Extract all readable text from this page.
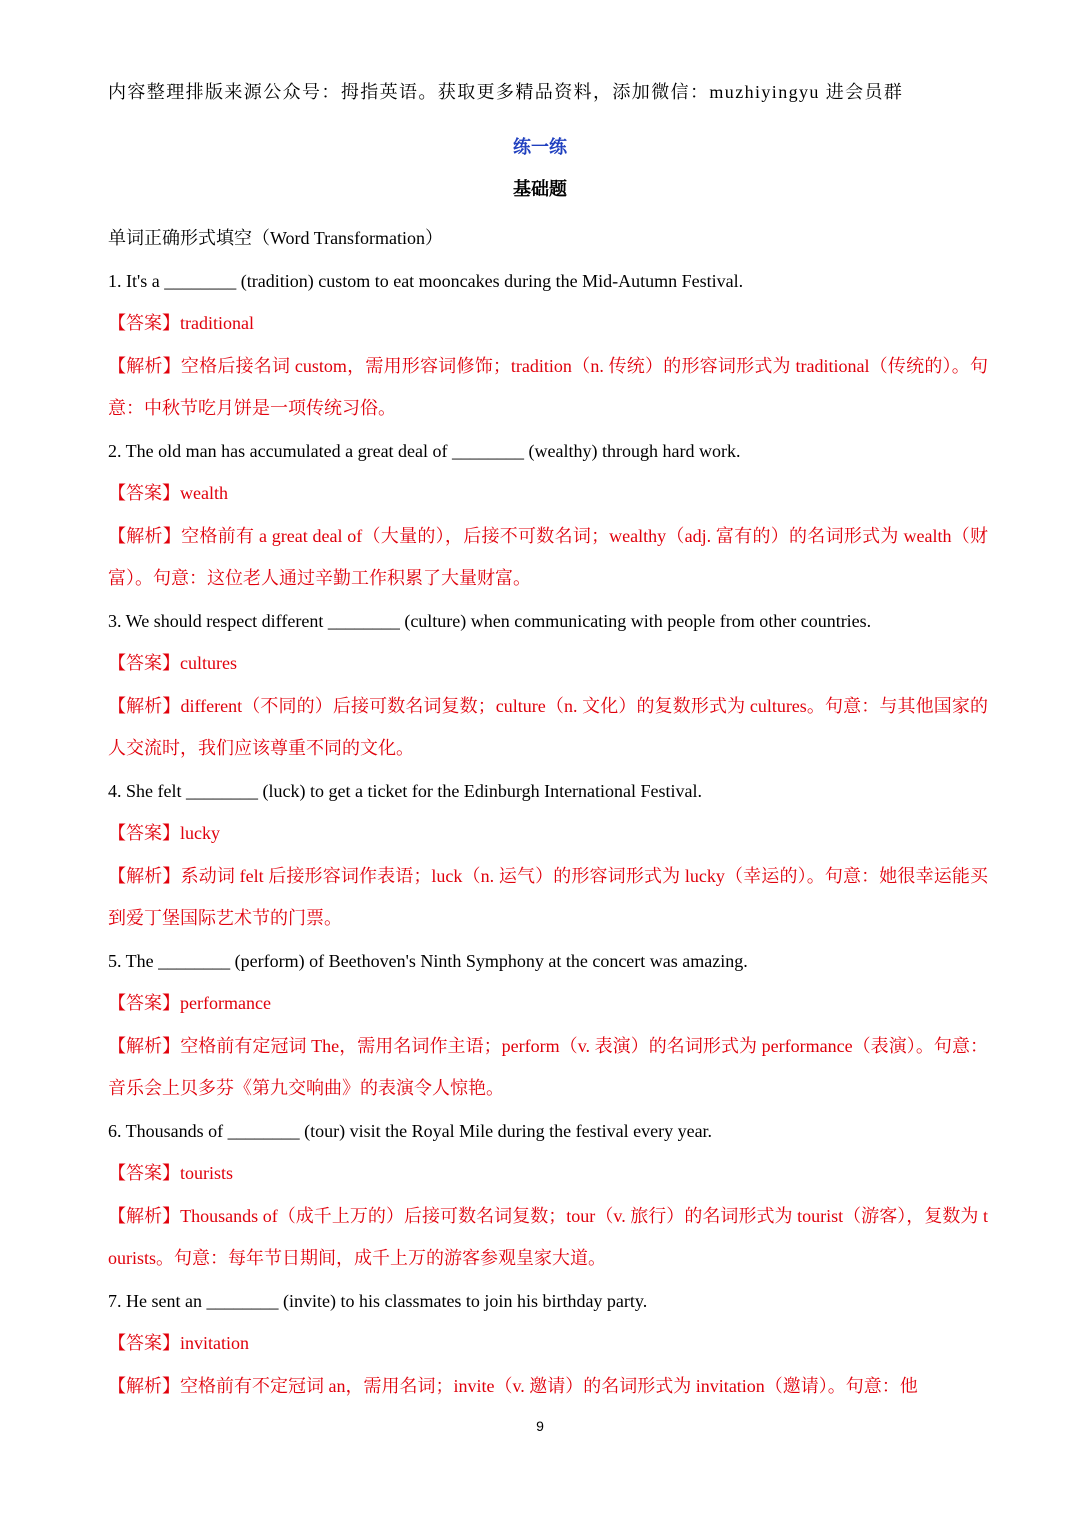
内容整理排版来源公众号：拇指英语。获取更多精品资料，添加微信：muzhiyingyu 进会员群
练一练
基础题
单词正确形式填空（Word Transformation）
1. It's a ________ (tradition) custom to eat mooncakes during the Mid-Autumn Festival.
【答案】traditional
【解析】空格后接名词 custom，需用形容词修饰；tradition（n. 传统）的形容词形式为 traditional（传统的）。句意：中秋节吃月饼是一项传统习俗。
2. The old man has accumulated a great deal of ________ (wealthy) through hard work.
【答案】wealth
【解析】空格前有 a great deal of（大量的），后接不可数名词；wealthy（adj. 富有的）的名词形式为 wealth（财富）。句意：这位老人通过辛勤工作积累了大量财富。
3. We should respect different ________ (culture) when communicating with people from other countries.
【答案】cultures
【解析】different（不同的）后接可数名词复数；culture（n. 文化）的复数形式为 cultures。句意：与其他国家的人交流时，我们应该尊重不同的文化。
4. She felt ________ (luck) to get a ticket for the Edinburgh International Festival.
【答案】lucky
【解析】系动词 felt 后接形容词作表语；luck（n. 运气）的形容词形式为 lucky（幸运的）。句意：她很幸运能买到爱丁堡国际艺术节的门票。
5. The ________ (perform) of Beethoven's Ninth Symphony at the concert was amazing.
【答案】performance
【解析】空格前有定冠词 The，需用名词作主语；perform（v. 表演）的名词形式为 performance（表演）。句意：音乐会上贝多芬《第九交响曲》的表演令人惊艳。
6. Thousands of ________ (tour) visit the Royal Mile during the festival every year.
【答案】tourists
【解析】Thousands of（成千上万的）后接可数名词复数；tour（v. 旅行）的名词形式为 tourist（游客），复数为 tourists。句意：每年节日期间，成千上万的游客参观皇家大道。
7. He sent an ________ (invite) to his classmates to join his birthday party.
【答案】invitation
【解析】空格前有不定冠词 an，需用名词；invite（v. 邀请）的名词形式为 invitation（邀请）。句意：他
9
